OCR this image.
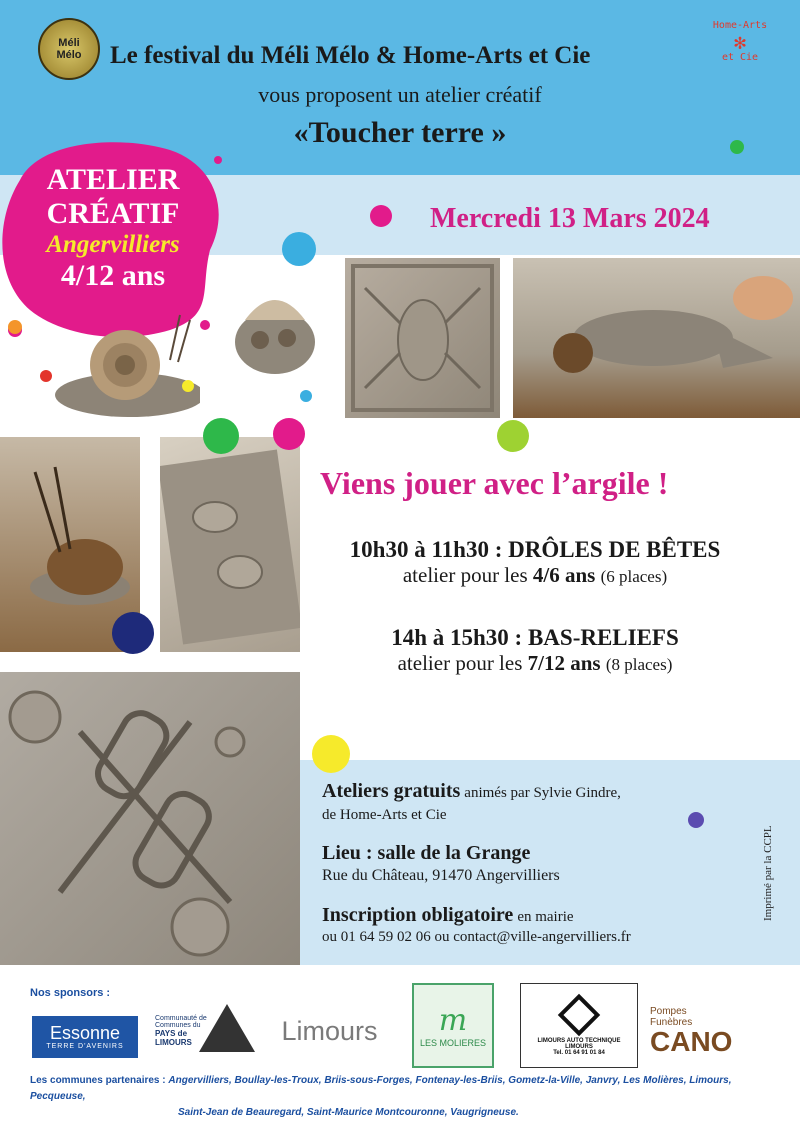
Méli
Mélo
Home-Arts
✻
et Cie
Le festival du Méli Mélo & Home-Arts et Cie
vous proposent un atelier créatif
«Toucher terre »
ATELIER
CRÉATIF
Angervilliers
4/12 ans
Mercredi 13 Mars 2024
Viens jouer avec l’argile !
10h30 à 11h30 : DRÔLES DE BÊTES
atelier pour les 4/6 ans (6 places)
14h à 15h30 : BAS-RELIEFS
atelier pour les 7/12 ans (8 places)
Ateliers gratuits animés par Sylvie Gindre,
de Home-Arts et Cie
Lieu : salle de la Grange
Rue du Château, 91470 Angervilliers
Inscription obligatoire en mairie
ou 01 64 59 02 06 ou contact@ville-angervilliers.fr
Imprimé par la CCPL
Nos sponsors :
Essonne
TERRE D'AVENIRS
Communauté de
Communes du
PAYS de
LIMOURS	Limours	m
LES MOLIERES	LIMOURS AUTO TECHNIQUE
LIMOURS
Tel. 01 64 91 01 84
Pompes
Funèbres
CANO
Les communes partenaires : Angervilliers, Boullay-les-Troux, Briis-sous-Forges, Fontenay-les-Briis, Gometz-la-Ville, Janvry, Les Molières, Limours, Pecqueuse,
Saint-Jean de Beauregard, Saint-Maurice Montcouronne, Vaugrigneuse.
